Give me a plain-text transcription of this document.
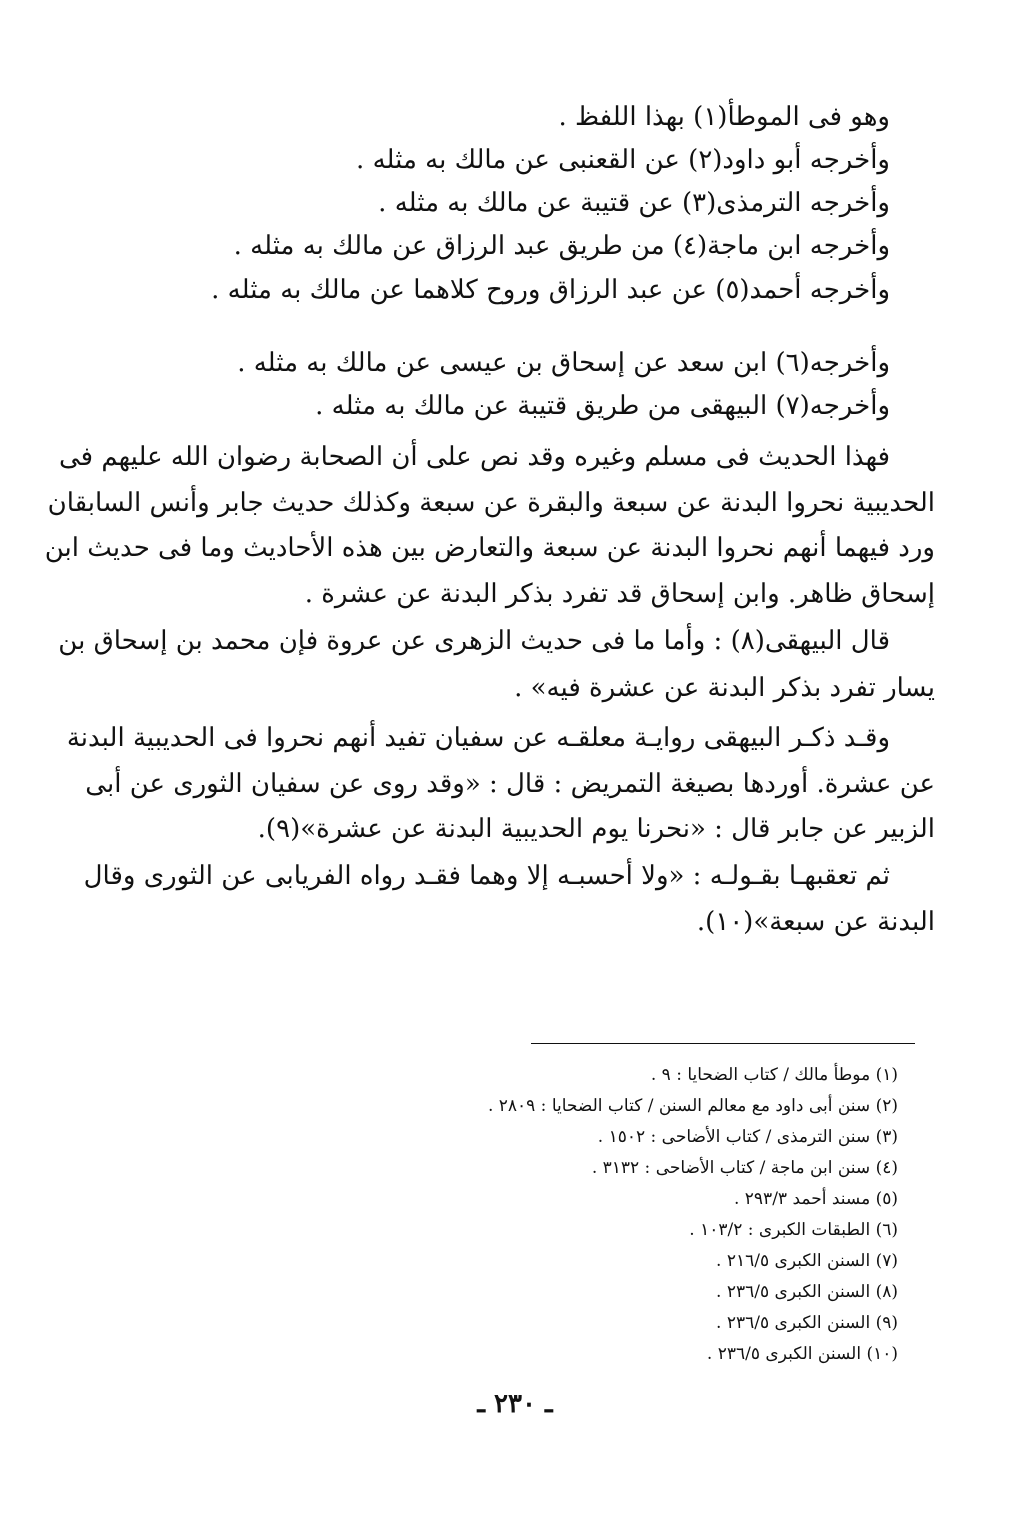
وهو فى الموطأ(١) بهذا اللفظ .
وأخرجه أبو داود(٢) عن القعنبى عن مالك به مثله .
وأخرجه الترمذى(٣) عن قتيبة عن مالك به مثله .
وأخرجه ابن ماجة(٤) من طريق عبد الرزاق عن مالك به مثله .
وأخرجه أحمد(٥) عن عبد الرزاق وروح كلاهما عن مالك به مثله .
وأخرجه(٦) ابن سعد عن إسحاق بن عيسى عن مالك به مثله .
وأخرجه(٧) البيهقى من طريق قتيبة عن مالك به مثله .
فهذا الحديث فى مسلم وغيره وقد نص على أن الصحابة رضوان الله عليهم فى
الحديبية نحروا البدنة عن سبعة والبقرة عن سبعة وكذلك حديث جابر وأنس السابقان
ورد فيهما أنهم نحروا البدنة عن سبعة والتعارض بين هذه الأحاديث وما فى حديث ابن
إسحاق ظاهر. وابن إسحاق قد تفرد بذكر البدنة عن عشرة .
قال البيهقى(٨) : وأما ما فى حديث الزهرى عن عروة فإن محمد بن إسحاق بن
يسار تفرد بذكر البدنة عن عشرة فيه» .
وقـد ذكـر البيهقى روايـة معلقـه عن سفيان تفيد أنهم نحروا فى الحديبية البدنة
عن عشرة. أوردها بصيغة التمريض : قال : «وقد روى عن سفيان الثورى عن أبى
الزبير عن جابر قال : «نحرنا يوم الحديبية البدنة عن عشرة»(٩).
ثم تعقبهـا بقـولـه : «ولا أحسبـه إلا وهما فقـد رواه الفريابى عن الثورى وقال
البدنة عن سبعة»(١٠).
(١) موطأ مالك / كتاب الضحايا : ٩ .
(٢) سنن أبى داود مع معالم السنن / كتاب الضحايا : ٢٨٠٩ .
(٣) سنن الترمذى / كتاب الأضاحى : ١٥٠٢ .
(٤) سنن ابن ماجة / كتاب الأضاحى : ٣١٣٢ .
(٥) مسند أحمد ٢٩٣/٣ .
(٦) الطبقات الكبرى : ١٠٣/٢ .
(٧) السنن الكبرى ٢١٦/٥ .
(٨) السنن الكبرى ٢٣٦/٥ .
(٩) السنن الكبرى ٢٣٦/٥ .
(١٠) السنن الكبرى ٢٣٦/٥ .
ـ ٢٣٠ ـ
